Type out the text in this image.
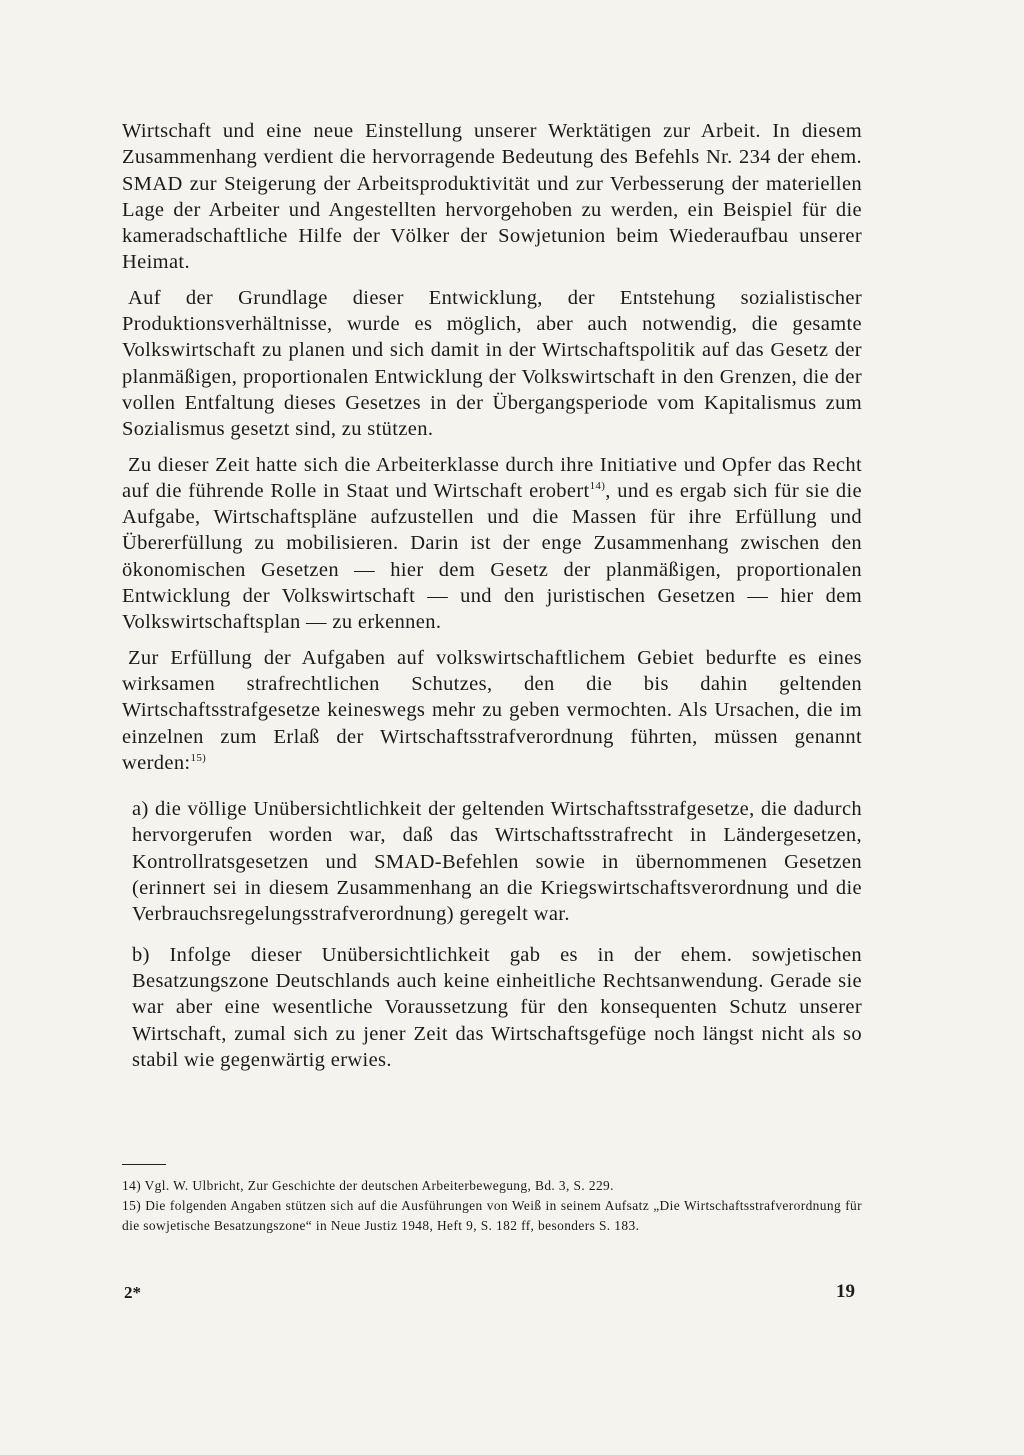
Wirtschaft und eine neue Einstellung unserer Werktätigen zur Arbeit. In diesem Zusammenhang verdient die hervorragende Bedeutung des Befehls Nr. 234 der ehem. SMAD zur Steigerung der Arbeitsproduktivität und zur Verbesserung der materiellen Lage der Arbeiter und Angestellten hervorgehoben zu werden, ein Beispiel für die kameradschaftliche Hilfe der Völker der Sowjetunion beim Wiederaufbau unserer Heimat.

Auf der Grundlage dieser Entwicklung, der Entstehung sozialistischer Produktionsverhältnisse, wurde es möglich, aber auch notwendig, die gesamte Volkswirtschaft zu planen und sich damit in der Wirtschaftspolitik auf das Gesetz der planmäßigen, proportionalen Entwicklung der Volkswirtschaft in den Grenzen, die der vollen Entfaltung dieses Gesetzes in der Übergangsperiode vom Kapitalismus zum Sozialismus gesetzt sind, zu stützen.

Zu dieser Zeit hatte sich die Arbeiterklasse durch ihre Initiative und Opfer das Recht auf die führende Rolle in Staat und Wirtschaft erobert$^{14)}$, und es ergab sich für sie die Aufgabe, Wirtschaftspläne aufzustellen und die Massen für ihre Erfüllung und Übererfüllung zu mobilisieren. Darin ist der enge Zusammenhang zwischen den ökonomischen Gesetzen — hier dem Gesetz der planmäßigen, proportionalen Entwicklung der Volkswirtschaft — und den juristischen Gesetzen — hier dem Volkswirtschaftsplan — zu erkennen.

Zur Erfüllung der Aufgaben auf volkswirtschaftlichem Gebiet bedurfte es eines wirksamen strafrechtlichen Schutzes, den die bis dahin geltenden Wirtschaftsstrafgesetze keineswegs mehr zu geben vermochten. Als Ursachen, die im einzelnen zum Erlaß der Wirtschaftsstrafverordnung führten, müssen genannt werden:$^{15)}$

a) die völlige Unübersichtlichkeit der geltenden Wirtschaftsstrafgesetze, die dadurch hervorgerufen worden war, daß das Wirtschaftsstrafrecht in Ländergesetzen, Kontrollratsgesetzen und SMAD-Befehlen sowie in übernommenen Gesetzen (erinnert sei in diesem Zusammenhang an die Kriegswirtschaftsverordnung und die Verbrauchsregelungsstrafverordnung) geregelt war.

b) Infolge dieser Unübersichtlichkeit gab es in der ehem. sowjetischen Besatzungszone Deutschlands auch keine einheitliche Rechtsanwendung. Gerade sie war aber eine wesentliche Voraussetzung für den konsequenten Schutz unserer Wirtschaft, zumal sich zu jener Zeit das Wirtschaftsgefüge noch längst nicht als so stabil wie gegenwärtig erwies.

14) Vgl. W. Ulbricht, Zur Geschichte der deutschen Arbeiterbewegung, Bd. 3, S. 229.

15) Die folgenden Angaben stützen sich auf die Ausführungen von Weiß in seinem Aufsatz „Die Wirtschaftsstrafverordnung für die sowjetische Besatzungszone“ in Neue Justiz 1948, Heft 9, S. 182 ff, besonders S. 183.

2*	19
